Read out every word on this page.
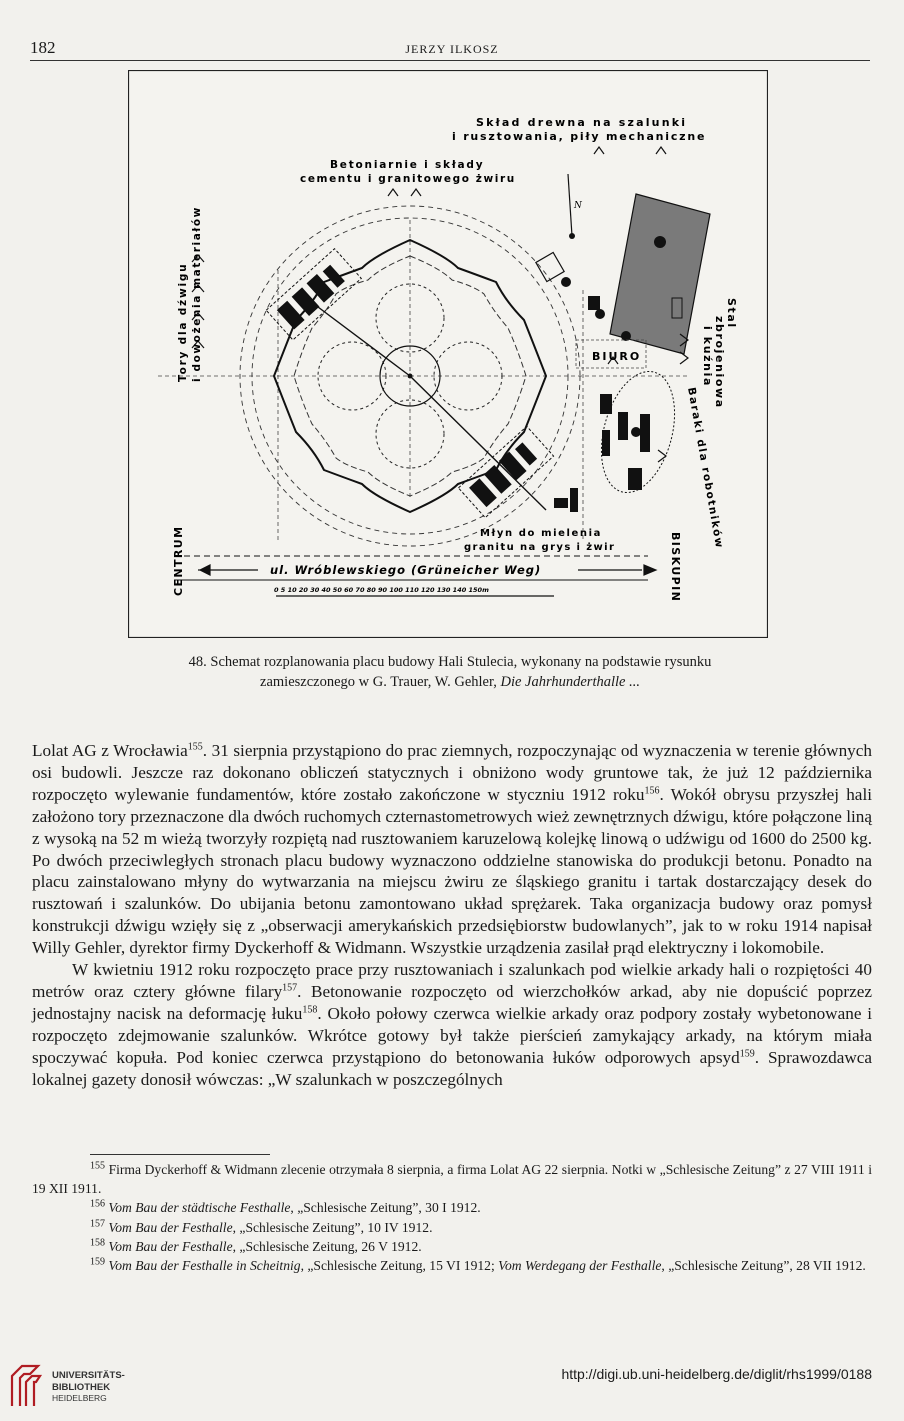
182	JERZY ILKOSZ
N
Skład drewna na szalunki
i rusztowania, piły mechaniczne
Betoniarnie i składy
cementu i granitowego żwiru
Tory dla dźwigu i dowożenia materiałów	BIURO
Stal
zbrojeniowa
i kuźnia
Baraki dla robotników
Młyn do mielenia
granitu na grys i żwir
ul. Wróblewskiego (Grüneicher Weg)
CENTRUM	BISKUPIN
0 5 10 20 30 40 50 60 70 80 90 100 110 120 130 140 150m
48. Schemat rozplanowania placu budowy Hali Stulecia, wykonany na podstawie rysunku zamieszczonego w G. Trauer, W. Gehler, Die Jahrhunderthalle ...

Lolat AG z Wrocławia$^{155}$. 31 sierpnia przystąpiono do prac ziemnych, rozpoczynając od wyznaczenia w terenie głównych osi budowli. Jeszcze raz dokonano obliczeń statycznych i obniżono wody gruntowe tak, że już 12 października rozpoczęto wylewanie fundamentów, które zostało zakończone w styczniu 1912 roku$^{156}$. Wokół obrysu przyszłej hali założono tory przeznaczone dla dwóch ruchomych czternastometrowych wież zewnętrznych dźwigu, które połączone liną z wysoką na 52 m wieżą tworzyły rozpiętą nad rusztowaniem karuzelową kolejkę linową o udźwigu od 1600 do 2500 kg. Po dwóch przeciwległych stronach placu budowy wyznaczono oddzielne stanowiska do produkcji betonu. Ponadto na placu zainstalowano młyny do wytwarzania na miejscu żwiru ze śląskiego granitu i tartak dostarczający desek do rusztowań i szalunków. Do ubijania betonu zamontowano układ sprężarek. Taka organizacja budowy oraz pomysł konstrukcji dźwigu wzięły się z „obserwacji amerykańskich przedsiębiorstw budowlanych”, jak to w roku 1914 napisał Willy Gehler, dyrektor firmy Dyckerhoff & Widmann. Wszystkie urządzenia zasilał prąd elektryczny i lokomobile.

W kwietniu 1912 roku rozpoczęto prace przy rusztowaniach i szalunkach pod wielkie arkady hali o rozpiętości 40 metrów oraz cztery główne filary$^{157}$. Betonowanie rozpoczęto od wierzchołków arkad, aby nie dopuścić poprzez jednostajny nacisk na deformację łuku$^{158}$. Około połowy czerwca wielkie arkady oraz podpory zostały wybetonowane i rozpoczęto zdejmowanie szalunków. Wkrótce gotowy był także pierścień zamykający arkady, na którym miała spoczywać kopuła. Pod koniec czerwca przystąpiono do betonowania łuków odporowych apsyd$^{159}$. Sprawozdawca lokalnej gazety donosił wówczas: „W szalunkach w poszczególnych

$^{155}$ Firma Dyckerhoff & Widmann zlecenie otrzymała 8 sierpnia, a firma Lolat AG 22 sierpnia. Notki w „Schlesische Zeitung” z 27 VIII 1911 i 19 XII 1911.

$^{156}$ Vom Bau der städtische Festhalle, „Schlesische Zeitung”, 30 I 1912.

$^{157}$ Vom Bau der Festhalle, „Schlesische Zeitung”, 10 IV 1912.

$^{158}$ Vom Bau der Festhalle, „Schlesische Zeitung, 26 V 1912.

$^{159}$ Vom Bau der Festhalle in Scheitnig, „Schlesische Zeitung, 15 VI 1912; Vom Werdegang der Festhalle, „Schlesische Zeitung”, 28 VII 1912.

UNIVERSITÄTS-
BIBLIOTHEK
HEIDELBERG
http://digi.ub.uni-heidelberg.de/diglit/rhs1999/0188
